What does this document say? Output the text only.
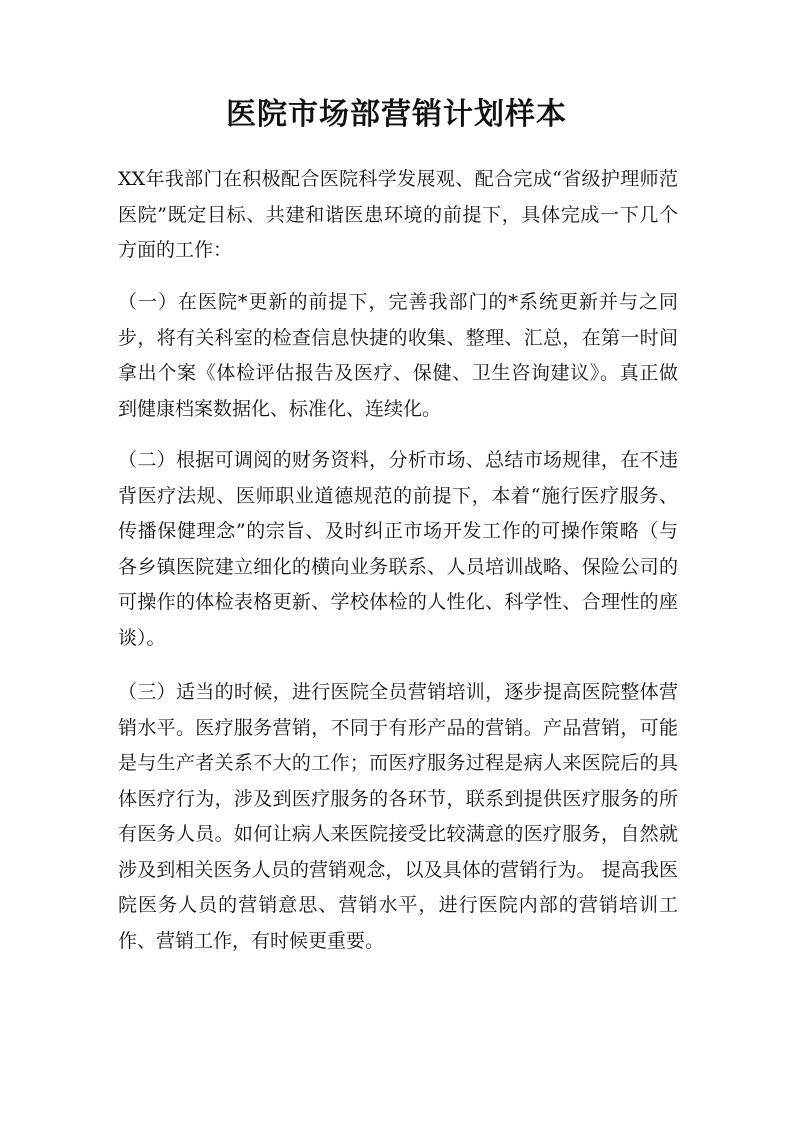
医院市场部营销计划样本

XX年我部门在积极配合医院科学发展观、配合完成“省级护理师范医院”既定目标、共建和谐医患环境的前提下，具体完成一下几个方面的工作：

（一）在医院*更新的前提下，完善我部门的*系统更新并与之同步，将有关科室的检查信息快捷的收集、整理、汇总，在第一时间拿出个案《体检评估报告及医疗、保健、卫生咨询建议》。真正做到健康档案数据化、标准化、连续化。

（二）根据可调阅的财务资料，分析市场、总结市场规律，在不违背医疗法规、医师职业道德规范的前提下，本着“施行医疗服务、传播保健理念”的宗旨、及时纠正市场开发工作的可操作策略（与各乡镇医院建立细化的横向业务联系、人员培训战略、保险公司的可操作的体检表格更新、学校体检的人性化、科学性、合理性的座谈）。

（三）适当的时候，进行医院全员营销培训，逐步提高医院整体营销水平。医疗服务营销，不同于有形产品的营销。产品营销，可能是与生产者关系不大的工作；而医疗服务过程是病人来医院后的具体医疗行为，涉及到医疗服务的各环节，联系到提供医疗服务的所有医务人员。如何让病人来医院接受比较满意的医疗服务，自然就涉及到相关医务人员的营销观念，以及具体的营销行为。 提高我医院医务人员的营销意思、营销水平，进行医院内部的营销培训工作、营销工作，有时候更重要。
